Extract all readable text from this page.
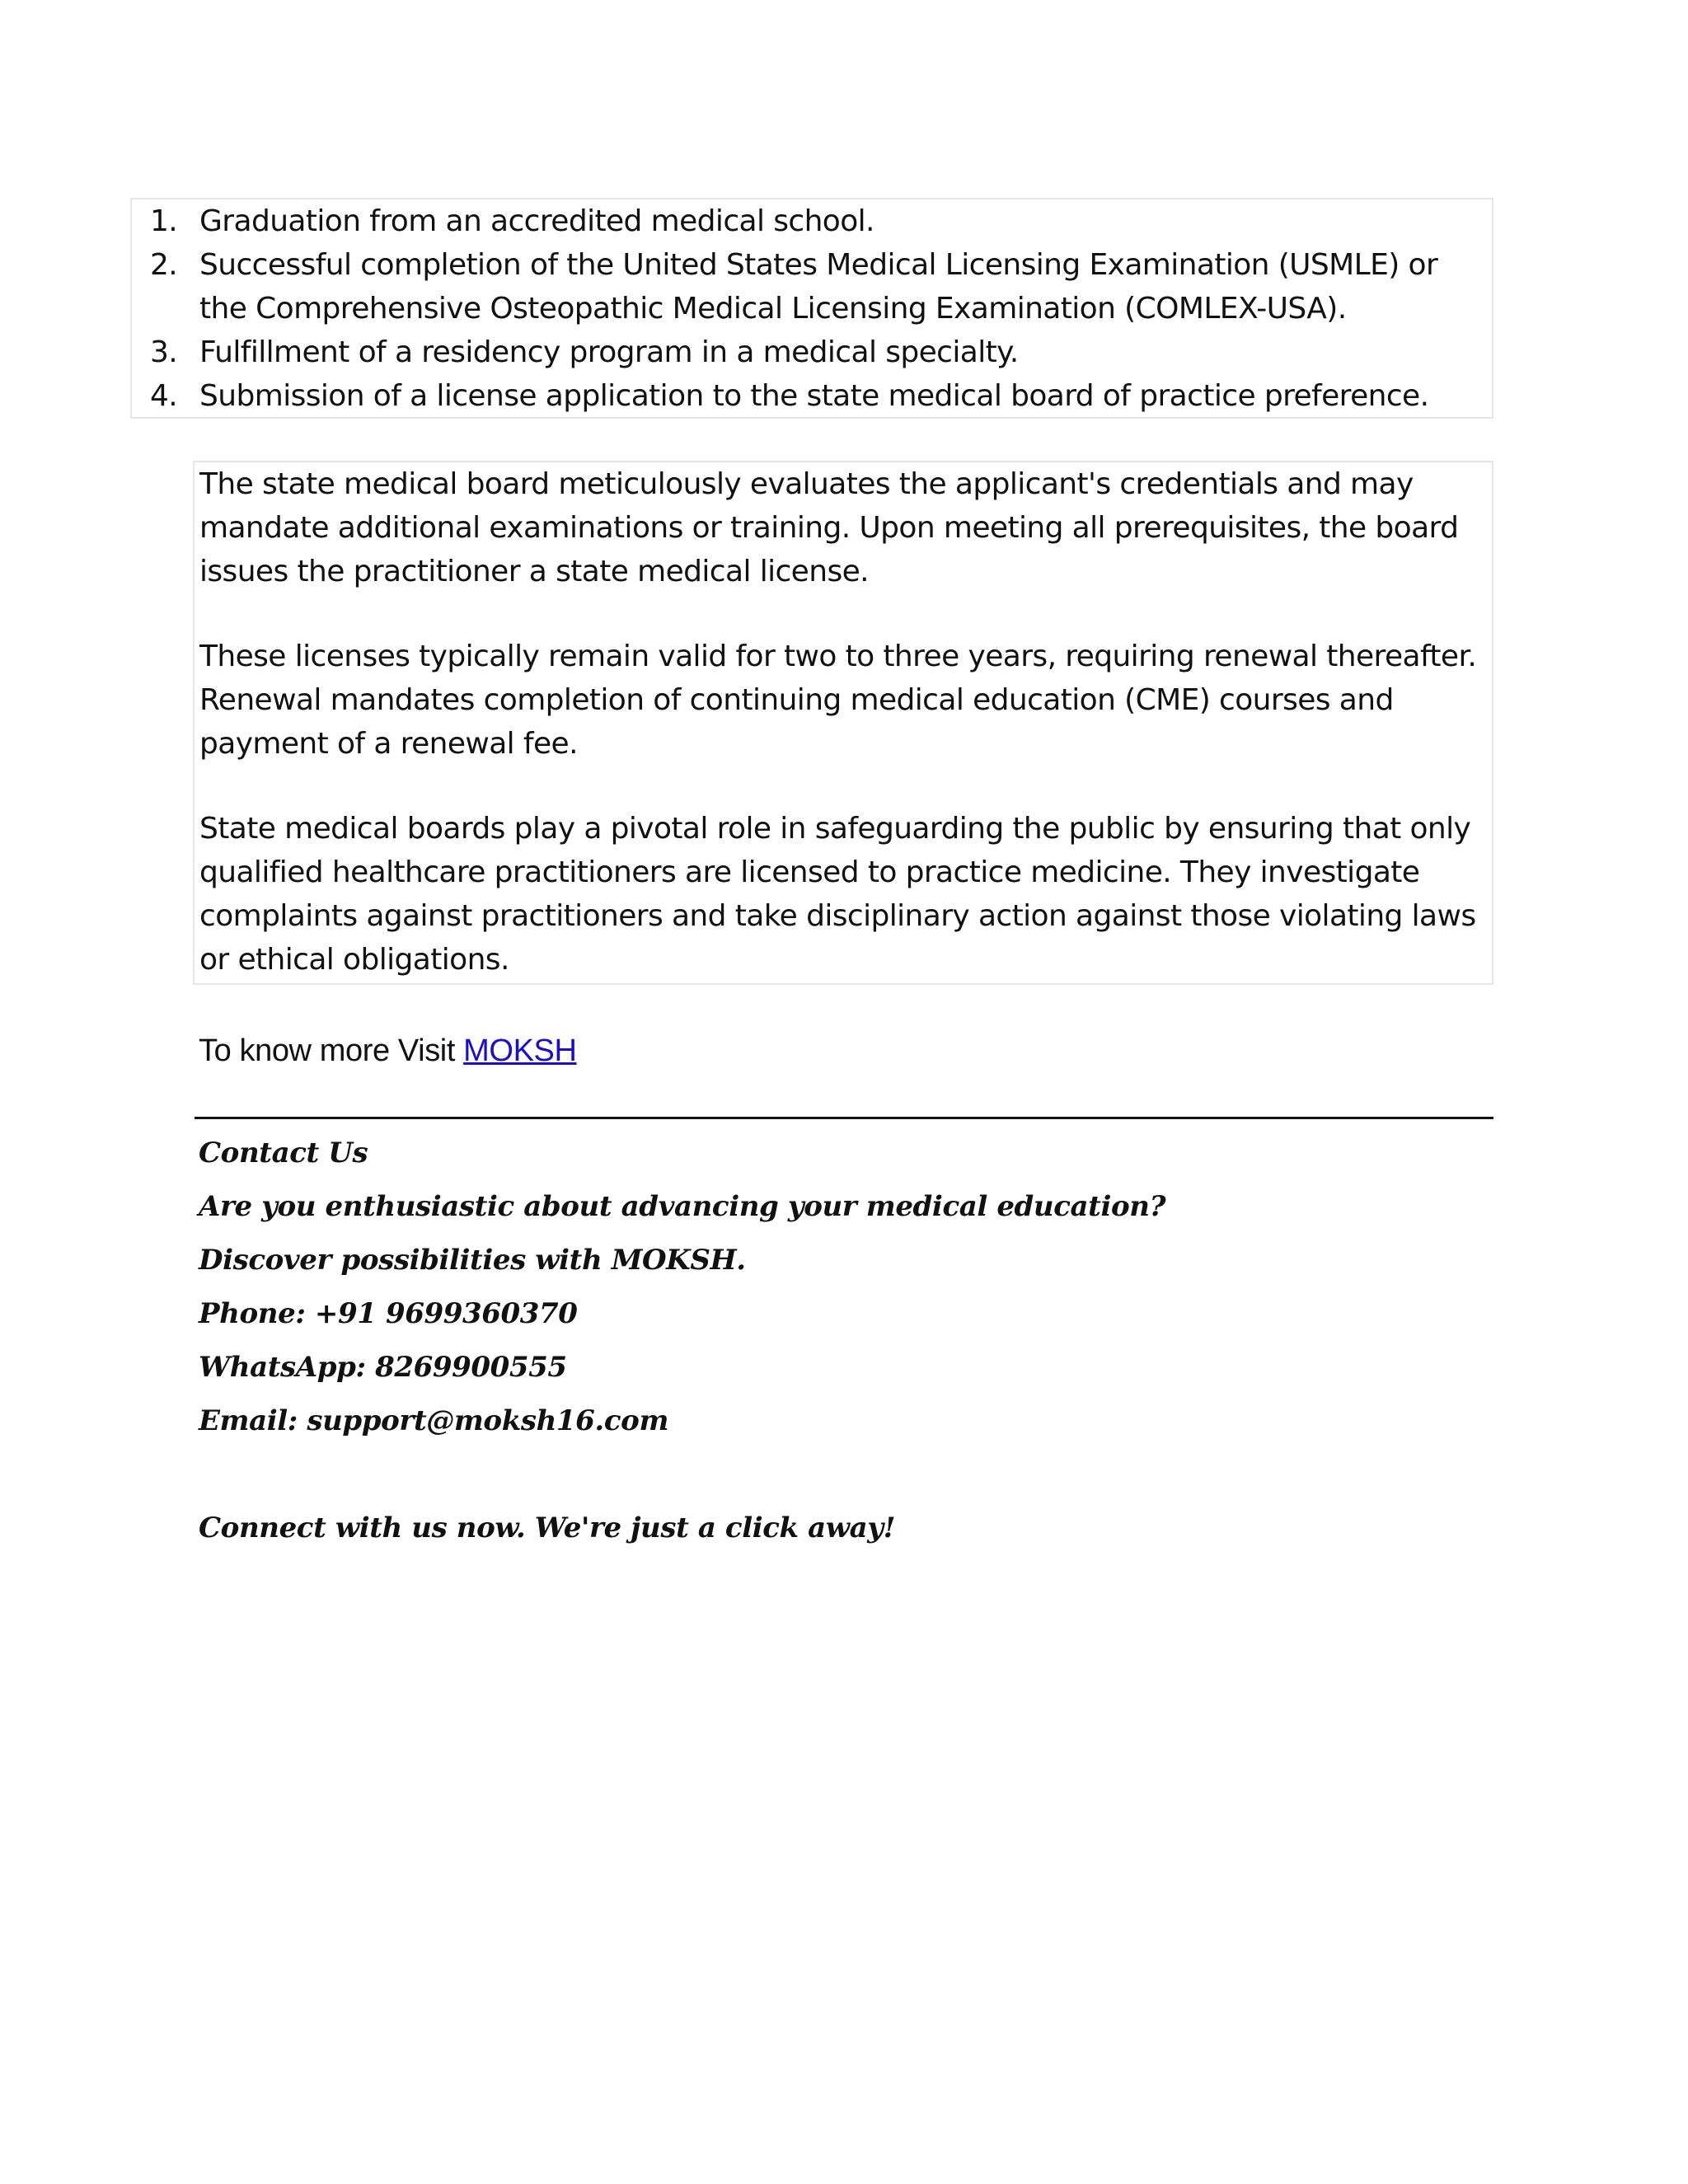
1. Graduation from an accredited medical school.
2. Successful completion of the United States Medical Licensing Examination (USMLE) or
the Comprehensive Osteopathic Medical Licensing Examination (COMLEX-USA).
3. Fulfillment of a residency program in a medical specialty.
4. Submission of a license application to the state medical board of practice preference.

The state medical board meticulously evaluates the applicant's credentials and may mandate additional examinations or training. Upon meeting all prerequisites, the board issues the practitioner a state medical license.

These licenses typically remain valid for two to three years, requiring renewal thereafter. Renewal mandates completion of continuing medical education (CME) courses and payment of a renewal fee.

State medical boards play a pivotal role in safeguarding the public by ensuring that only qualified healthcare practitioners are licensed to practice medicine. They investigate complaints against practitioners and take disciplinary action against those violating laws or ethical obligations.

To know more Visit MOKSH
Contact Us
Are you enthusiastic about advancing your medical education?
Discover possibilities with MOKSH.
Phone: +91 9699360370
WhatsApp: 8269900555
Email: support@moksh16.com
Connect with us now. We're just a click away!
